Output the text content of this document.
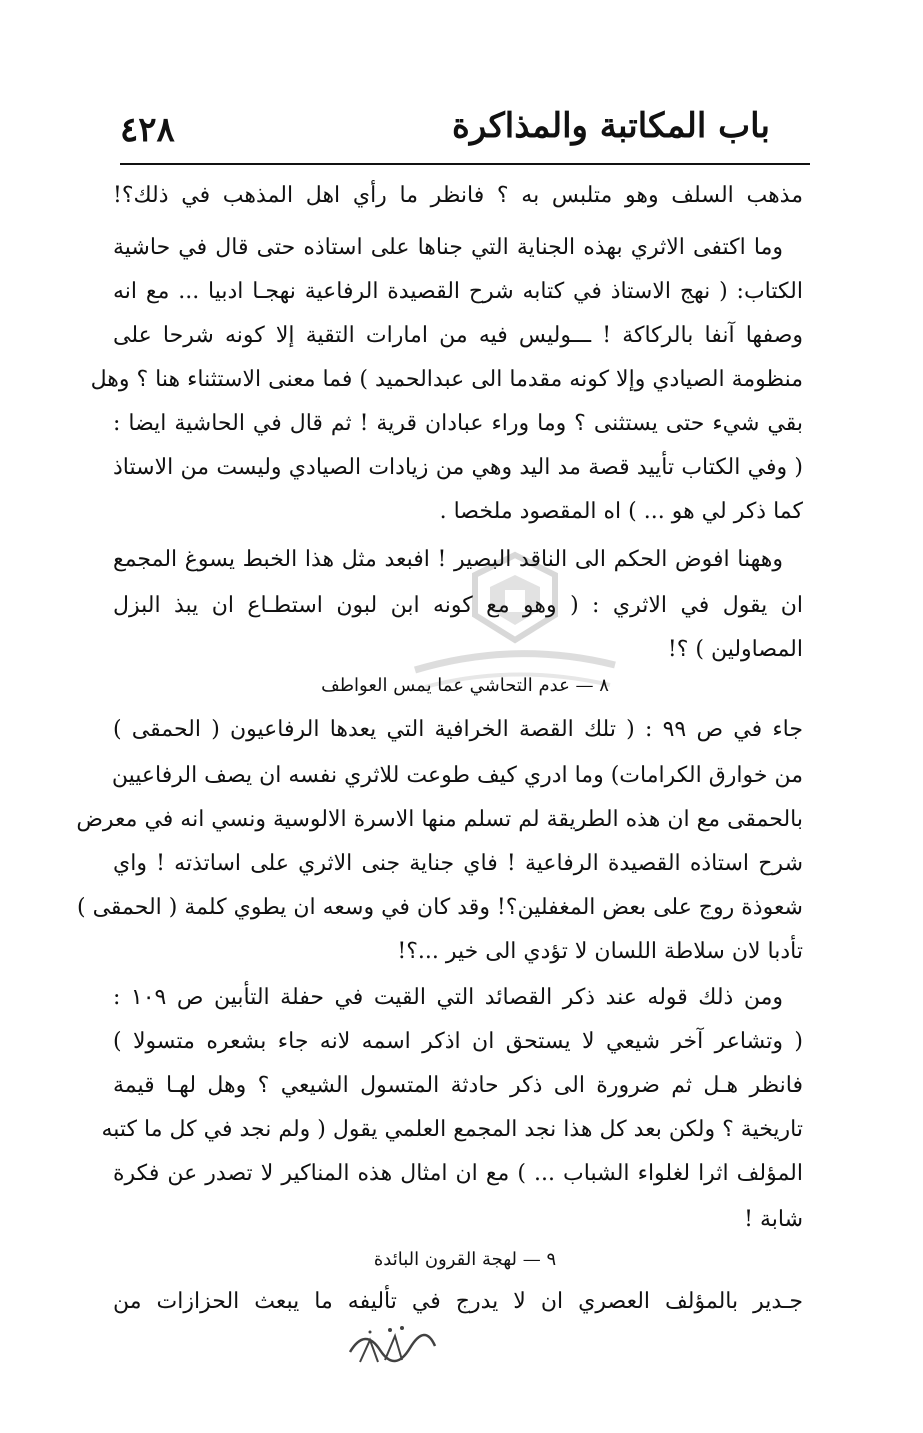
٤٢٨	باب المكاتبة والمذاكرة
مذهب السلف وهو متلبس به ؟ فانظر ما رأي اهل المذهب في ذلك؟!
وما اكتفى الاثري بهذه الجناية التي جناها على استاذه حتى قال في حاشية
الكتاب: ( نهج الاستاذ في كتابه شرح القصيدة الرفاعية نهجـا ادبيا ... مع انه
وصفها آنفا بالركاكة ! ـــوليس فيه من امارات التقية إلا كونه شرحا على
منظومة الصيادي وإلا كونه مقدما الى عبدالحميد ) فما معنى الاستثناء هنا ؟ وهل
بقي شيء حتى يستثنى ؟ وما وراء عبادان قرية ! ثم قال في الحاشية ايضا :
( وفي الكتاب تأييد قصة مد اليد وهي من زيادات الصيادي وليست من الاستاذ
كما ذكر لي هو ... ) اه المقصود ملخصا .
وههنا افوض الحكم الى الناقد البصير ! افبعد مثل هذا الخبط يسوغ المجمع
ان يقول في الاثري : ( وهو مع كونه ابن لبون استطـاع ان يبذ البزل
المصاولين ) ؟!
٨ — عدم التحاشي عما يمس العواطف
جاء في ص ٩٩ : ( تلك القصة الخرافية التي يعدها الرفاعيون ( الحمقى )
من خوارق الكرامات) وما ادري كيف طوعت للاثري نفسه ان يصف الرفاعيين
بالحمقى مع ان هذه الطريقة لم تسلم منها الاسرة الالوسية ونسي انه في معرض
شرح استاذه القصيدة الرفاعية ! فاي جناية جنى الاثري على اساتذته ! واي
شعوذة روج على بعض المغفلين؟! وقد كان في وسعه ان يطوي كلمة ( الحمقى )
تأدبا لان سلاطة اللسان لا تؤدي الى خير ...؟!
ومن ذلك قوله عند ذكر القصائد التي القيت في حفلة التأبين ص ١٠٩ :
( وتشاعر آخر شيعي لا يستحق ان اذكر اسمه لانه جاء بشعره متسولا )
فانظر هـل ثم ضرورة الى ذكر حادثة المتسول الشيعي ؟ وهل لهـا قيمة
تاريخية ؟ ولكن بعد كل هذا نجد المجمع العلمي يقول ( ولم نجد في كل ما كتبه
المؤلف اثرا لغلواء الشباب ... ) مع ان امثال هذه المناكير لا تصدر عن فكرة
شابة !
٩ — لهجة القرون البائدة
جـدير بالمؤلف العصري ان لا يدرج في تأليفه ما يبعث الحزازات من
